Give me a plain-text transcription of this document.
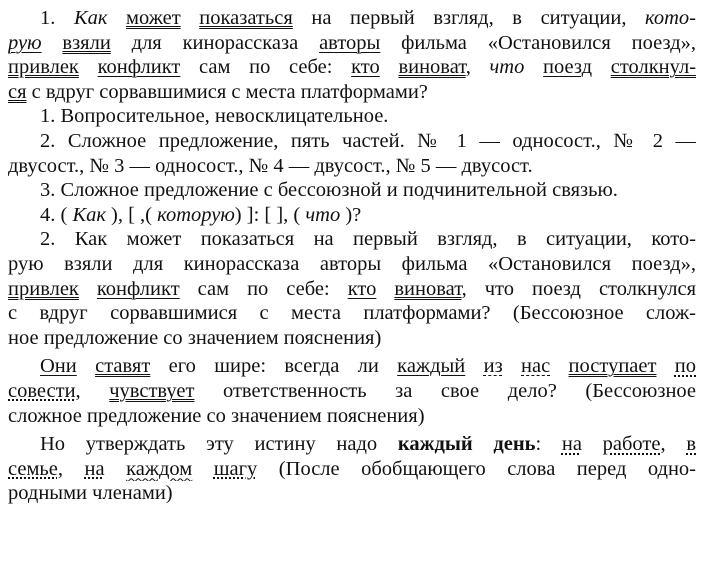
1. Как может показаться на первый взгляд, в ситуации, кото-
рую взяли для кинорассказа авторы фильма «Остановился поезд»,
привлек конфликт сам по себе: кто виноват, что поезд столкнул-
ся с вдруг сорвавшимися с места платформами?
1. Вопросительное, невосклицательное.
2. Сложное предложение, пять частей. № 1 — односост., № 2 —
двусост., № 3 — односост., № 4 — двусост., № 5 — двусост.
3. Сложное предложение с бессоюзной и подчинительной связью.
4. ( Как ), [ ,( которую) ]: [ ], ( что )?
2. Как может показаться на первый взгляд, в ситуации, кото-
рую взяли для кинорассказа авторы фильма «Остановился поезд»,
привлек конфликт сам по себе: кто виноват, что поезд столкнулся
с вдруг сорвавшимися с места платформами? (Бессоюзное слож-
ное предложение со значением пояснения)
Они ставят его шире: всегда ли каждый из нас поступает по
совести, чувствует ответственность за свое дело? (Бессоюзное
сложное предложение со значением пояснения)
Но утверждать эту истину надо каждый день: на работе, в
семье, на каждом шагу (После обобщающего слова перед одно-
родными членами)
